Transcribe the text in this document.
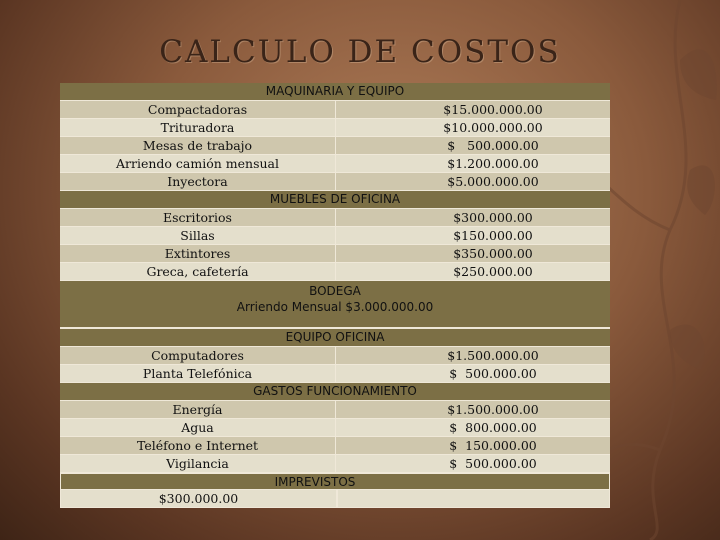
CALCULO DE COSTOS
MAQUINARIA Y EQUIPO
Compactadoras	$15.000.000.00
Trituradora	$10.000.000.00
Mesas de trabajo	$   500.000.00
Arriendo camión mensual	$1.200.000.00
Inyectora	$5.000.000.00
MUEBLES DE OFICINA
Escritorios	$300.000.00
Sillas	$150.000.00
Extintores	$350.000.00
Greca, cafetería	$250.000.00
BODEGA
Arriendo Mensual $3.000.000.00
EQUIPO OFICINA
Computadores	$1.500.000.00
Planta Telefónica	$  500.000.00
GASTOS FUNCIONAMIENTO
Energía	$1.500.000.00
Agua	$  800.000.00
Teléfono e Internet	$  150.000.00
Vigilancia	$  500.000.00
IMPREVISTOS
$300.000.00
